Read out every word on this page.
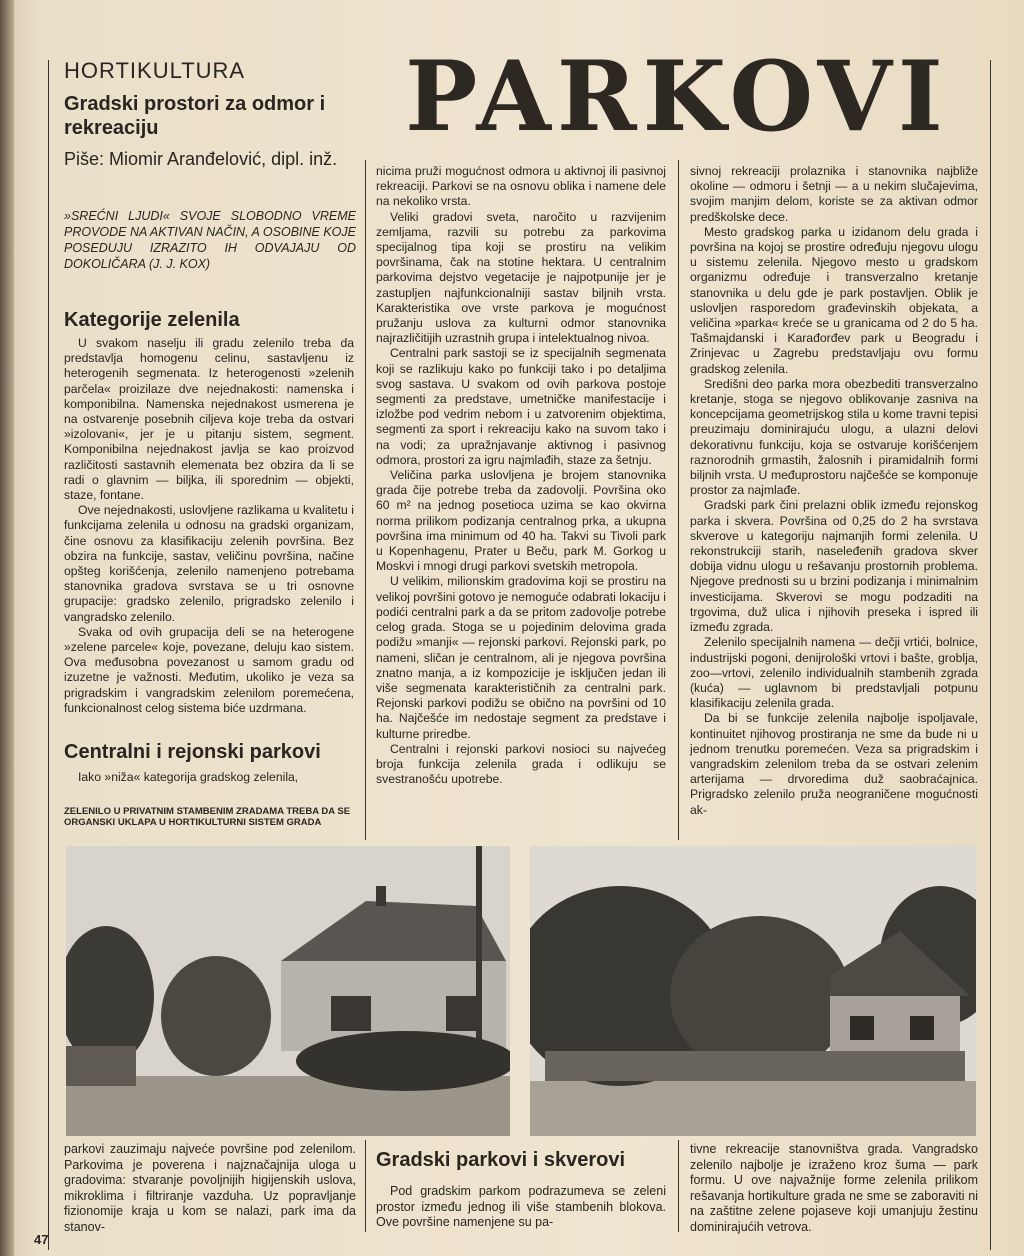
HORTIKULTURA
Gradski prostori za odmor i rekreaciju
Piše: Miomir Aranđelović, dipl. inž.
»SREĆNI LJUDI« SVOJE SLOBODNO VREME PROVODE NA AKTIVAN NAČIN, A OSOBINE KOJE POSEDUJU IZRAZITO IH ODVAJAJU OD DOKOLIČARA (J. J. KOX)
PARKOVI
Kategorije zelenila

U svakom naselju ili gradu zelenilo treba da predstavlja homogenu celinu, sastavljenu iz heterogenih segmenata. Iz heterogenosti »zelenih parčela« proizilaze dve nejednakosti: namenska i komponibilna. Namenska nejednakost usmerena je na ostvarenje posebnih ciljeva koje treba da ostvari »izolovani«, jer je u pitanju sistem, segment. Komponibilna nejednakost javlja se kao proizvod različitosti sastavnih elemenata bez obzira da li se radi o glavnim — biljka, ili sporednim — objekti, staze, fontane.

Ove nejednakosti, uslovljene razlikama u kvalitetu i funkcijama zelenila u odnosu na gradski organizam, čine osnovu za klasifikaciju zelenih površina. Bez obzira na funkcije, sastav, veličinu površina, načine opšteg korišćenja, zelenilo namenjeno potrebama stanovnika gradova svrstava se u tri osnovne grupacije: gradsko zelenilo, prigradsko zelenilo i vangradsko zelenilo.

Svaka od ovih grupacija deli se na heterogene »zelene parcele« koje, povezane, deluju kao sistem. Ova međusobna povezanost u samom gradu od izuzetne je važnosti. Međutim, ukoliko je veza sa prigradskim i vangradskim zelenilom poremećena, funkcionalnost celog sistema biće uzdrmana.

Centralni i rejonski parkovi

Iako »niža« kategorija gradskog zelenila,

ZELENILO U PRIVATNIM STAMBENIM ZRADAMA TREBA DA SE ORGANSKI UKLAPA U HORTIKULTURNI SISTEM GRADA

nicima pruži mogućnost odmora u aktivnoj ili pasivnoj rekreaciji. Parkovi se na osnovu oblika i namene dele na nekoliko vrsta.

Veliki gradovi sveta, naročito u razvijenim zemljama, razvili su potrebu za parkovima specijalnog tipa koji se prostiru na velikim površinama, čak na stotine hektara. U centralnim parkovima dejstvo vegetacije je najpotpunije jer je zastupljen najfunkcionalniji sastav biljnih vrsta. Karakteristika ove vrste parkova je mogućnost pružanju uslova za kulturni odmor stanovnika najrazličitijih uzrastnih grupa i intelektualnog nivoa.

Centralni park sastoji se iz specijalnih segmenata koji se razlikuju kako po funkciji tako i po detaljima svog sastava. U svakom od ovih parkova postoje segmenti za predstave, umetničke manifestacije i izložbe pod vedrim nebom i u zatvorenim objektima, segmenti za sport i rekreaciju kako na suvom tako i na vodi; za upražnjavanje aktivnog i pasivnog odmora, prostori za igru najmlađih, staze za šetnju.

Veličina parka uslovljena je brojem stanovnika grada čije potrebe treba da zadovolji. Površina oko 60 m² na jednog posetioca uzima se kao okvirna norma prilikom podizanja centralnog prka, a ukupna površina ima minimum od 40 ha. Takvi su Tivoli park u Kopenhagenu, Prater u Beču, park M. Gorkog u Moskvi i mnogi drugi parkovi svetskih metropola.

U velikim, milionskim gradovima koji se prostiru na velikoj površini gotovo je nemoguće odabrati lokaciju i podići centralni park a da se pritom zadovolje potrebe celog grada. Stoga se u pojedinim delovima grada podižu »manji« — rejonski parkovi. Rejonski park, po nameni, sličan je centralnom, ali je njegova površina znatno manja, a iz kompozicije je isključen jedan ili više segmenata karakterističnih za centralni park. Rejonski parkovi podižu se obično na površini od 10 ha. Najčešće im nedostaje segment za predstave i kulturne priredbe.

Centralni i rejonski parkovi nosioci su najvećeg broja funkcija zelenila grada i odlikuju se svestranošću upotrebe.

sivnoj rekreaciji prolaznika i stanovnika najbliže okoline — odmoru i šetnji — a u nekim slučajevima, svojim manjim delom, koriste se za aktivan odmor predškolske dece.

Mesto gradskog parka u izidanom delu grada i površina na kojoj se prostire određuju njegovu ulogu u sistemu zelenila. Njegovo mesto u gradskom organizmu određuje i transverzalno kretanje stanovnika u delu gde je park postavljen. Oblik je uslovljen rasporedom građevinskih objekata, a veličina »parka« kreće se u granicama od 2 do 5 ha. Tašmajdanski i Karađorđev park u Beogradu i Zrinjevac u Zagrebu predstavljaju ovu formu gradskog zelenila.

Središni deo parka mora obezbediti transverzalno kretanje, stoga se njegovo oblikovanje zasniva na koncepcijama geometrijskog stila u kome travni tepisi preuzimaju dominirajuću ulogu, a ulazni delovi dekorativnu funkciju, koja se ostvaruje korišćenjem raznorodnih grmastih, žalosnih i piramidalnih formi biljnih vrsta. U međuprostoru najčešće se komponuje prostor za najmlađe.

Gradski park čini prelazni oblik između rejonskog parka i skvera. Površina od 0,25 do 2 ha svrstava skverove u kategoriju najmanjih formi zelenila. U rekonstrukciji starih, naseleđenih gradova skver dobija vidnu ulogu u rešavanju prostornih problema. Njegove prednosti su u brzini podizanja i minimalnim investicijama. Skverovi se mogu podzaditi na trgovima, duž ulica i njihovih preseka i ispred ili između zgrada.

Zelenilo specijalnih namena — dečji vrtići, bolnice, industrijski pogoni, denijrološki vrtovi i bašte, groblja, zoo—vrtovi, zelenilo individualnih stambenih zgrada (kuća) — uglavnom bi predstavljali potpunu klasifikaciju zelenila grada.

Da bi se funkcije zelenila najbolje ispoljavale, kontinuitet njihovog prostiranja ne sme da bude ni u jednom trenutku poremećen. Veza sa prigradskim i vangradskim zelenilom treba da se ostvari zelenim arterijama — drvoredima duž saobraćajnica. Prigradsko zelenilo pruža neograničene mogućnosti ak-

parkovi zauzimaju najveće površine pod zelenilom. Parkovima je poverena i najznačajnija uloga u gradovima: stvaranje povoljnijih higijenskih uslova, mikroklima i filtriranje vazduha. Uz popravljanje fizionomije kraja u kom se nalazi, park ima da stanov-

Gradski parkovi i skverovi

Pod gradskim parkom podrazumeva se zeleni prostor između jednog ili više stambenih blokova. Ove površine namenjene su pa-

tivne rekreacije stanovništva grada. Vangradsko zelenilo najbolje je izraženo kroz šuma — park formu. U ove najvažnije forme zelenila prilikom rešavanja hortikulture grada ne sme se zaboraviti ni na zaštitne zelene pojaseve koji umanjuju žestinu dominirajućih vetrova.

47
